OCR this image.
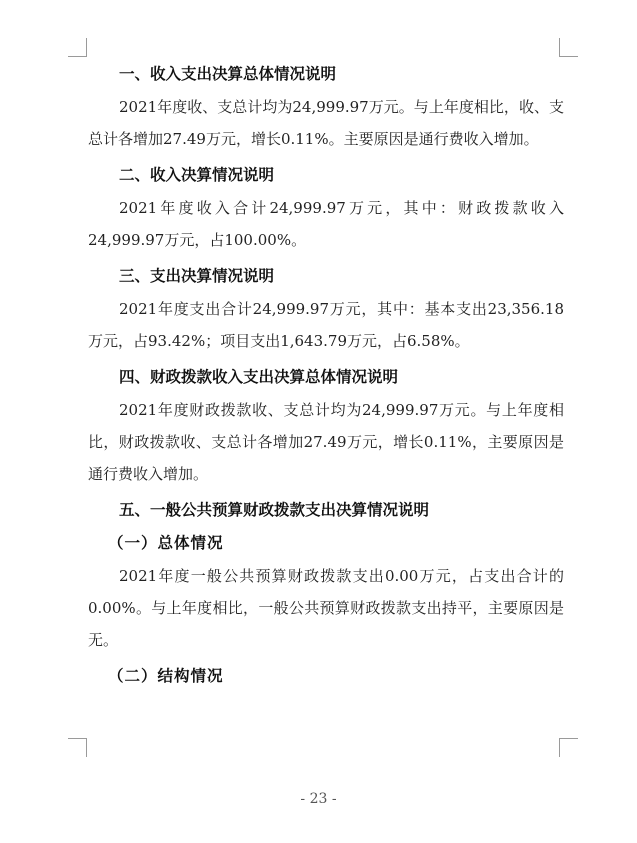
一、收入支出决算总体情况说明

2021年度收、支总计均为24,999.97万元。与上年度相比，收、支总计各增加27.49万元，增长0.11%。主要原因是通行费收入增加。

二、收入决算情况说明

2021年度收入合计24,999.97万元，其中：财政拨款收入24,999.97万元，占100.00%。

三、支出决算情况说明

2021年度支出合计24,999.97万元，其中：基本支出23,356.18万元，占93.42%；项目支出1,643.79万元，占6.58%。

四、财政拨款收入支出决算总体情况说明

2021年度财政拨款收、支总计均为24,999.97万元。与上年度相比，财政拨款收、支总计各增加27.49万元，增长0.11%，主要原因是通行费收入增加。

五、一般公共预算财政拨款支出决算情况说明

（一）总体情况

2021年度一般公共预算财政拨款支出0.00万元，占支出合计的0.00%。与上年度相比，一般公共预算财政拨款支出持平，主要原因是无。

（二）结构情况

- 23 -
